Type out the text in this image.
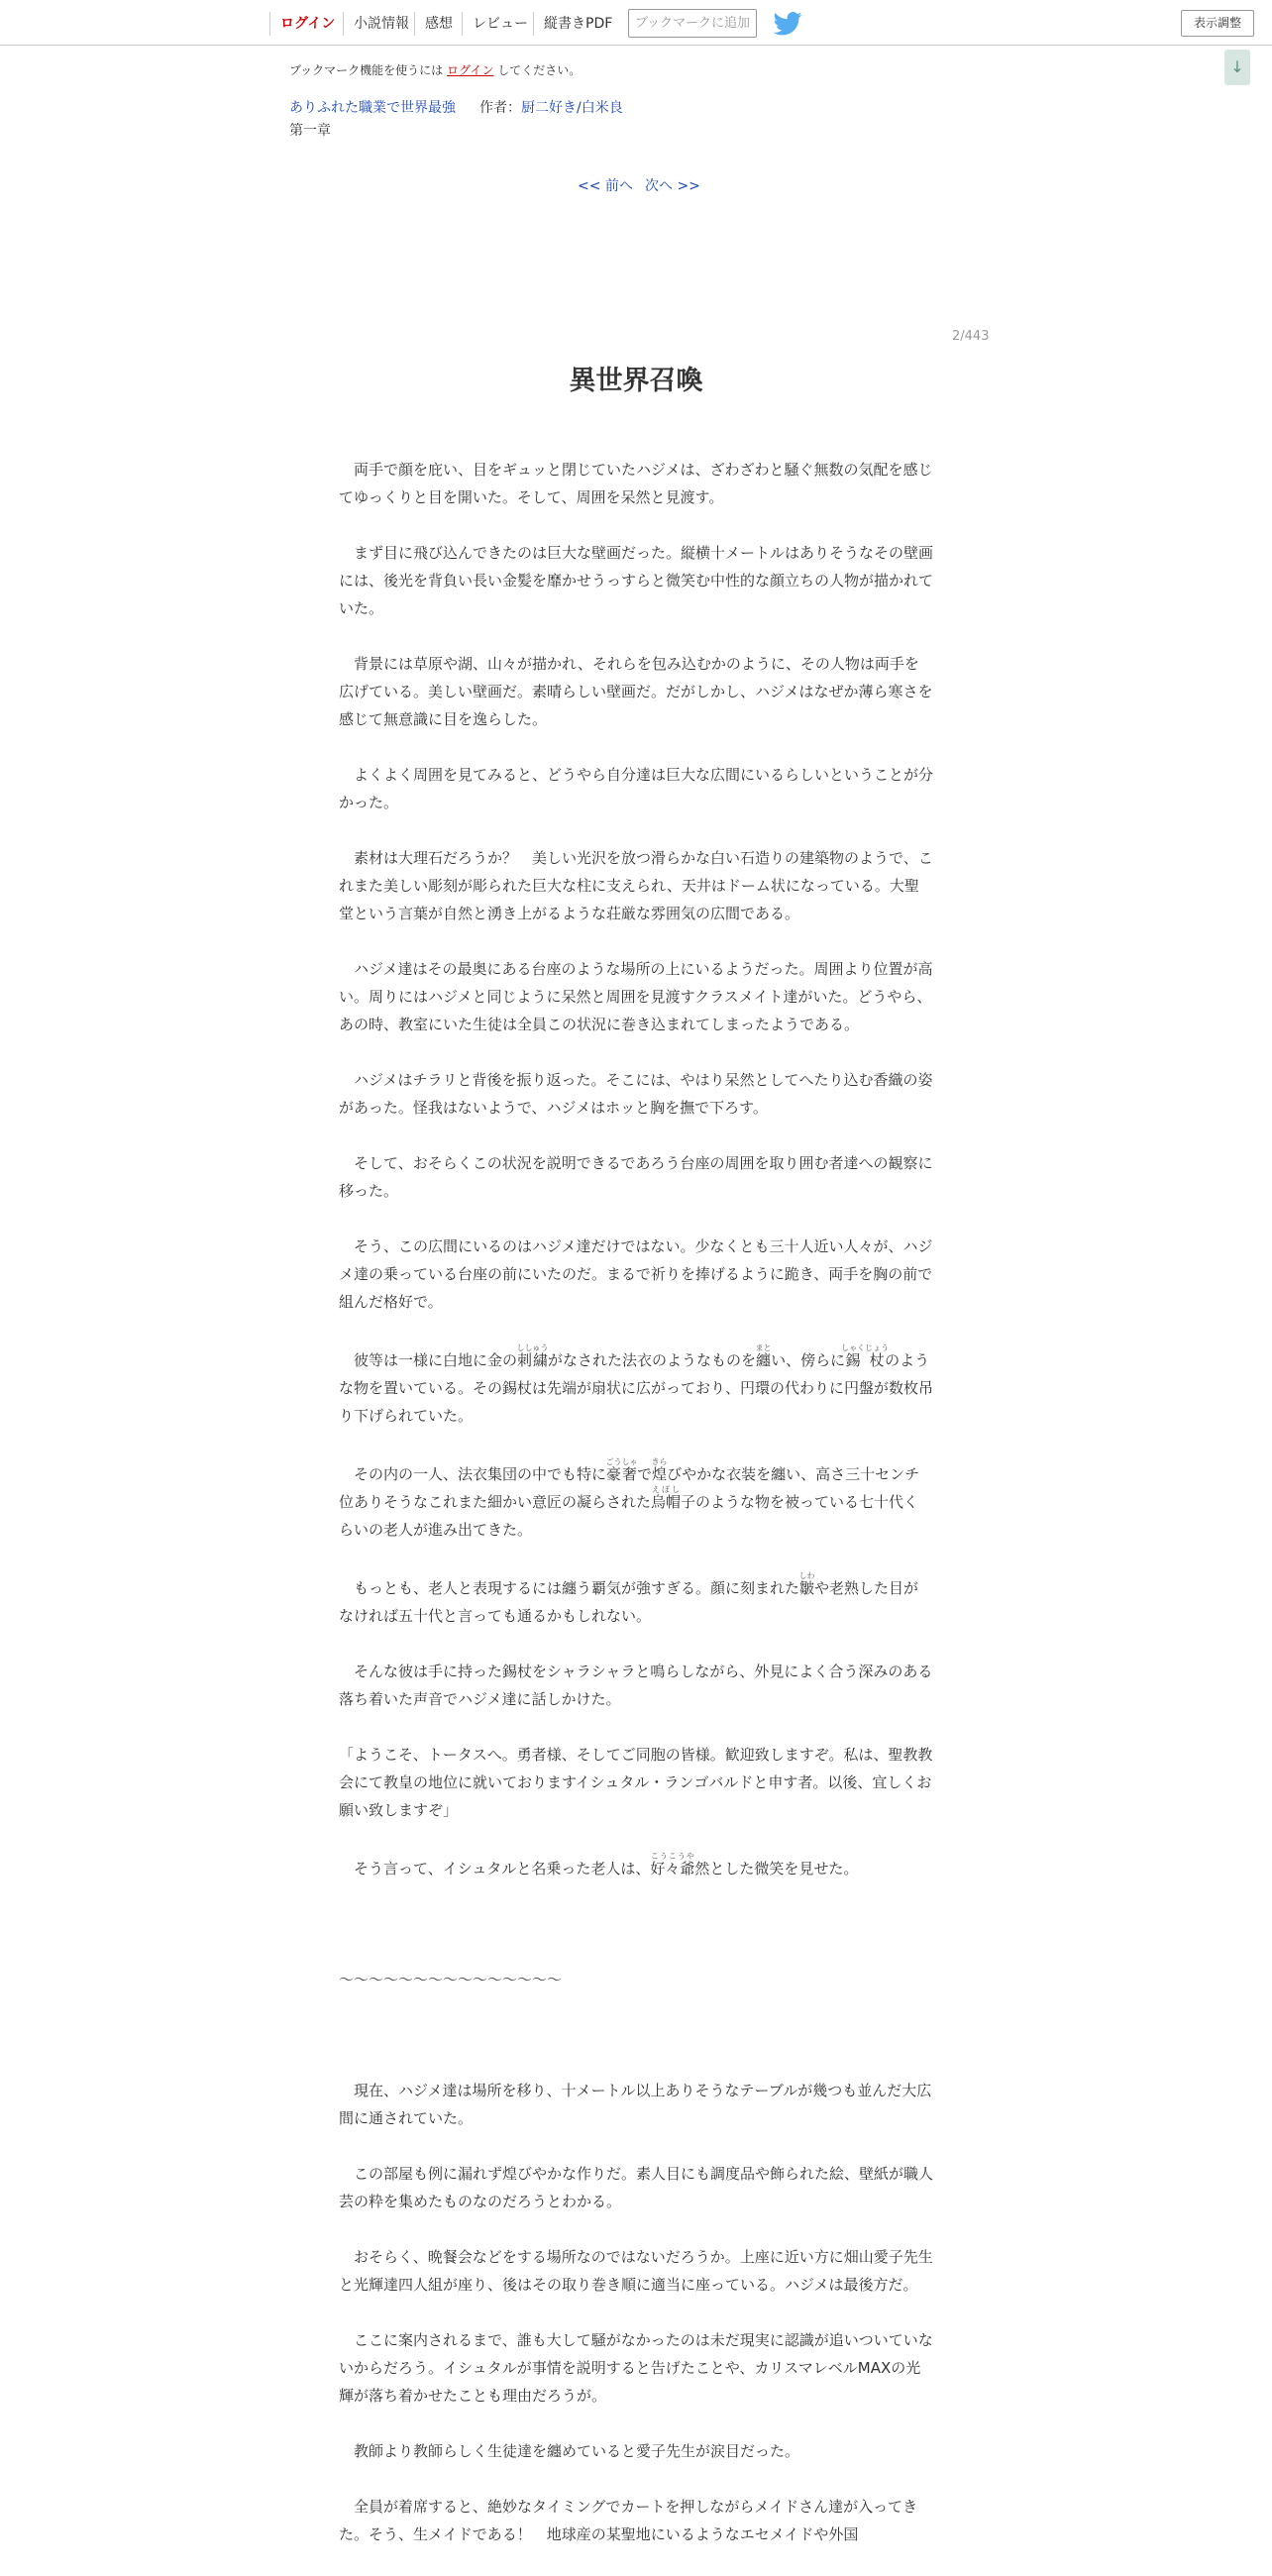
ログイン	小説情報	感想	レビュー	縦書きPDF	ブックマークに追加	表示調整
↓
ブックマーク機能を使うには ログイン してください。
ありふれた職業で世界最強 作者： 厨二好き/白米良
第一章
<< 前へ 次へ >>
2/443
異世界召喚

　両手で顔を庇い、目をギュッと閉じていたハジメは、ざわざわと騒ぐ無数の気配を感じてゆっくりと目を開いた。そして、周囲を呆然と見渡す。

　まず目に飛び込んできたのは巨大な壁画だった。縦横十メートルはありそうなその壁画には、後光を背負い長い金髪を靡かせうっすらと微笑む中性的な顔立ちの人物が描かれていた。

　背景には草原や湖、山々が描かれ、それらを包み込むかのように、その人物は両手を広げている。美しい壁画だ。素晴らしい壁画だ。だがしかし、ハジメはなぜか薄ら寒さを感じて無意識に目を逸らした。

　よくよく周囲を見てみると、どうやら自分達は巨大な広間にいるらしいということが分かった。

　素材は大理石だろうか？　美しい光沢を放つ滑らかな白い石造りの建築物のようで、これまた美しい彫刻が彫られた巨大な柱に支えられ、天井はドーム状になっている。大聖堂という言葉が自然と湧き上がるような荘厳な雰囲気の広間である。

　ハジメ達はその最奥にある台座のような場所の上にいるようだった。周囲より位置が高い。周りにはハジメと同じように呆然と周囲を見渡すクラスメイト達がいた。どうやら、あの時、教室にいた生徒は全員この状況に巻き込まれてしまったようである。

　ハジメはチラリと背後を振り返った。そこには、やはり呆然としてへたり込む香織の姿があった。怪我はないようで、ハジメはホッと胸を撫で下ろす。

　そして、おそらくこの状況を説明できるであろう台座の周囲を取り囲む者達への観察に移った。

　そう、この広間にいるのはハジメ達だけではない。少なくとも三十人近い人々が、ハジメ達の乗っている台座の前にいたのだ。まるで祈りを捧げるように跪き、両手を胸の前で組んだ格好で。

　彼等は一様に白地に金の刺繍ししゅうがなされた法衣のようなものを纏まとい、傍らに錫杖しゃくじょうのような物を置いている。その錫杖は先端が扇状に広がっており、円環の代わりに円盤が数枚吊り下げられていた。

　その内の一人、法衣集団の中でも特に豪奢ごうしゃで煌きらびやかな衣装を纏い、高さ三十センチ位ありそうなこれまた細かい意匠の凝らされた烏帽えぼし子のような物を被っている七十代くらいの老人が進み出てきた。

　もっとも、老人と表現するには纏う覇気が強すぎる。顔に刻まれた皺しわや老熟した目がなければ五十代と言っても通るかもしれない。

　そんな彼は手に持った錫杖をシャラシャラと鳴らしながら、外見によく合う深みのある落ち着いた声音でハジメ達に話しかけた。

「ようこそ、トータスへ。勇者様、そしてご同胞の皆様。歓迎致しますぞ。私は、聖教教会にて教皇の地位に就いておりますイシュタル・ランゴバルドと申す者。以後、宜しくお願い致しますぞ」

　そう言って、イシュタルと名乗った老人は、好々爺こうこうや然とした微笑を見せた。

～～～～～～～～～～～～～～～

　現在、ハジメ達は場所を移り、十メートル以上ありそうなテーブルが幾つも並んだ大広間に通されていた。

　この部屋も例に漏れず煌びやかな作りだ。素人目にも調度品や飾られた絵、壁紙が職人芸の粋を集めたものなのだろうとわかる。

　おそらく、晩餐会などをする場所なのではないだろうか。上座に近い方に畑山愛子先生と光輝達四人組が座り、後はその取り巻き順に適当に座っている。ハジメは最後方だ。

　ここに案内されるまで、誰も大して騒がなかったのは未だ現実に認識が追いついていないからだろう。イシュタルが事情を説明すると告げたことや、カリスマレベルMAXの光輝が落ち着かせたことも理由だろうが。

　教師より教師らしく生徒達を纏めていると愛子先生が涙目だった。

　全員が着席すると、絶妙なタイミングでカートを押しながらメイドさん達が入ってきた。そう、生メイドである！　地球産の某聖地にいるようなエセメイドや外国
